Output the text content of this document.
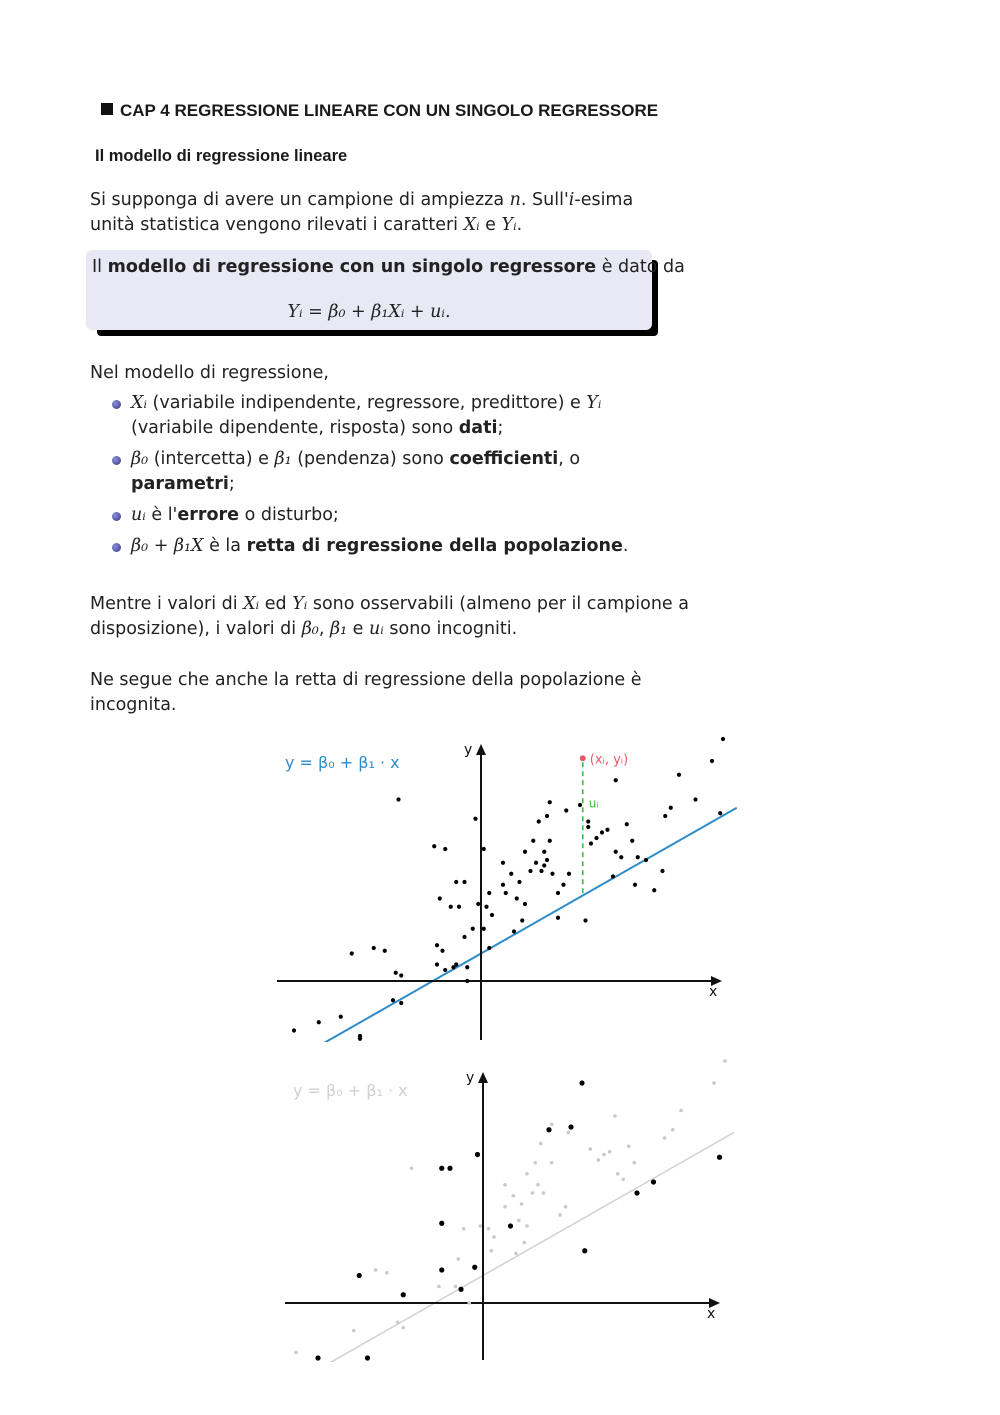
CAP 4 REGRESSIONE LINEARE CON UN SINGOLO REGRESSORE
Il modello di regressione lineare
Si supponga di avere un campione di ampiezza n. Sull'i-esima unità statistica vengono rilevati i caratteri Xᵢ e Yᵢ.
Il modello di regressione con un singolo regressore è dato da
Yᵢ = β₀ + β₁Xᵢ + uᵢ.
Nel modello di regressione,
Xᵢ (variabile indipendente, regressore, predittore) e Yᵢ (variabile dipendente, risposta) sono dati;
β₀ (intercetta) e β₁ (pendenza) sono coefficienti, o parametri;
uᵢ è l'errore o disturbo;
β₀ + β₁X è la retta di regressione della popolazione.
Mentre i valori di Xᵢ ed Yᵢ sono osservabili (almeno per il campione a disposizione), i valori di β₀, β₁ e uᵢ sono incogniti.
Ne segue che anche la retta di regressione della popolazione è incognita.
x
y
y = β₀ + β₁ · x	(xᵢ, yᵢ)
uᵢ
x
y
y = β₀ + β₁ · x
